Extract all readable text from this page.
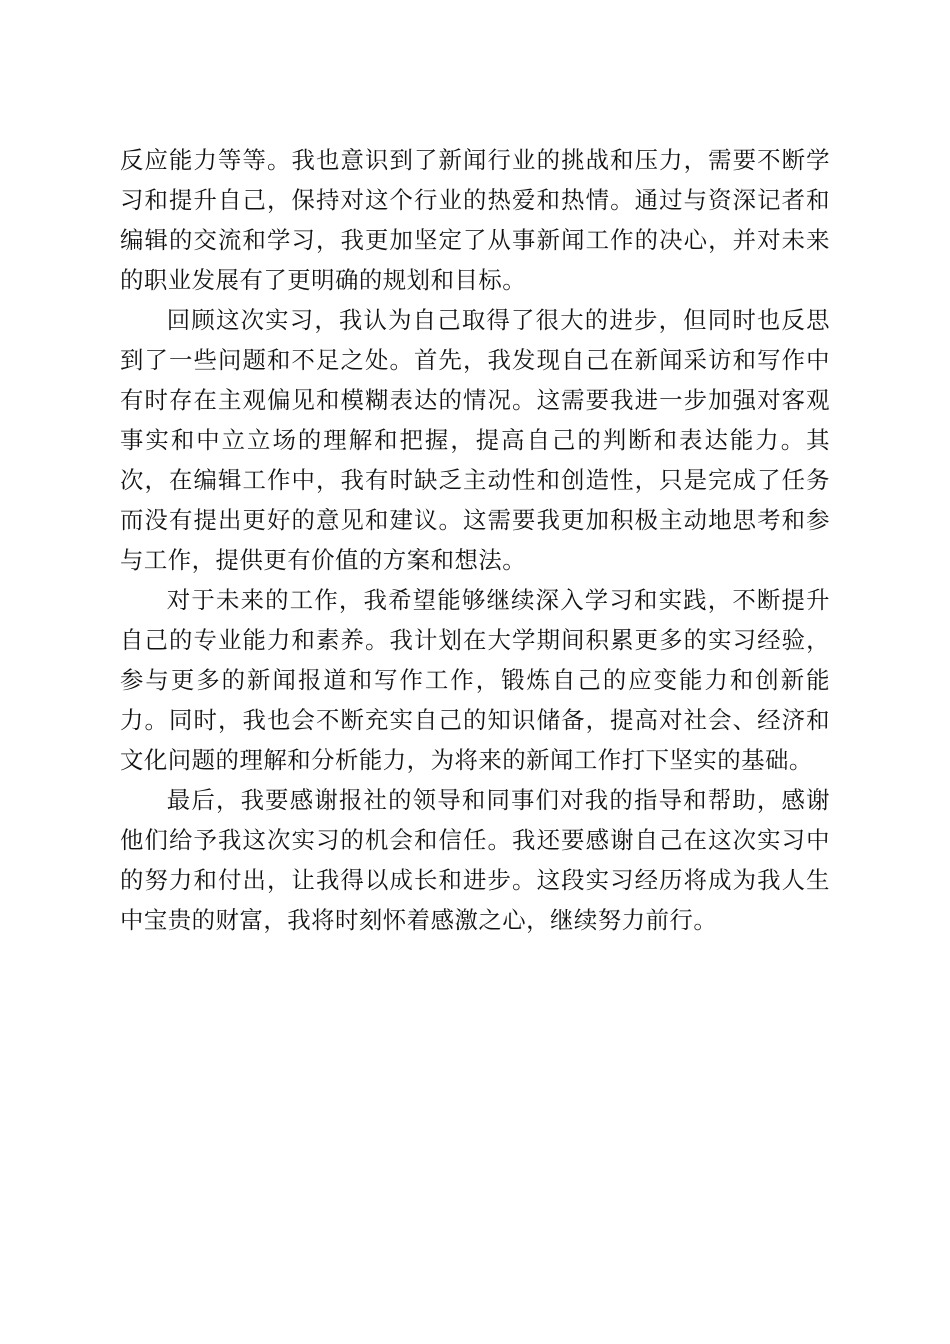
反应能力等等。我也意识到了新闻行业的挑战和压力，需要不断学习和提升自己，保持对这个行业的热爱和热情。通过与资深记者和编辑的交流和学习，我更加坚定了从事新闻工作的决心，并对未来的职业发展有了更明确的规划和目标。

回顾这次实习，我认为自己取得了很大的进步，但同时也反思到了一些问题和不足之处。首先，我发现自己在新闻采访和写作中有时存在主观偏见和模糊表达的情况。这需要我进一步加强对客观事实和中立立场的理解和把握，提高自己的判断和表达能力。其次，在编辑工作中，我有时缺乏主动性和创造性，只是完成了任务而没有提出更好的意见和建议。这需要我更加积极主动地思考和参与工作，提供更有价值的方案和想法。

对于未来的工作，我希望能够继续深入学习和实践，不断提升自己的专业能力和素养。我计划在大学期间积累更多的实习经验，参与更多的新闻报道和写作工作，锻炼自己的应变能力和创新能力。同时，我也会不断充实自己的知识储备，提高对社会、经济和文化问题的理解和分析能力，为将来的新闻工作打下坚实的基础。

最后，我要感谢报社的领导和同事们对我的指导和帮助，感谢他们给予我这次实习的机会和信任。我还要感谢自己在这次实习中的努力和付出，让我得以成长和进步。这段实习经历将成为我人生中宝贵的财富，我将时刻怀着感激之心，继续努力前行。
